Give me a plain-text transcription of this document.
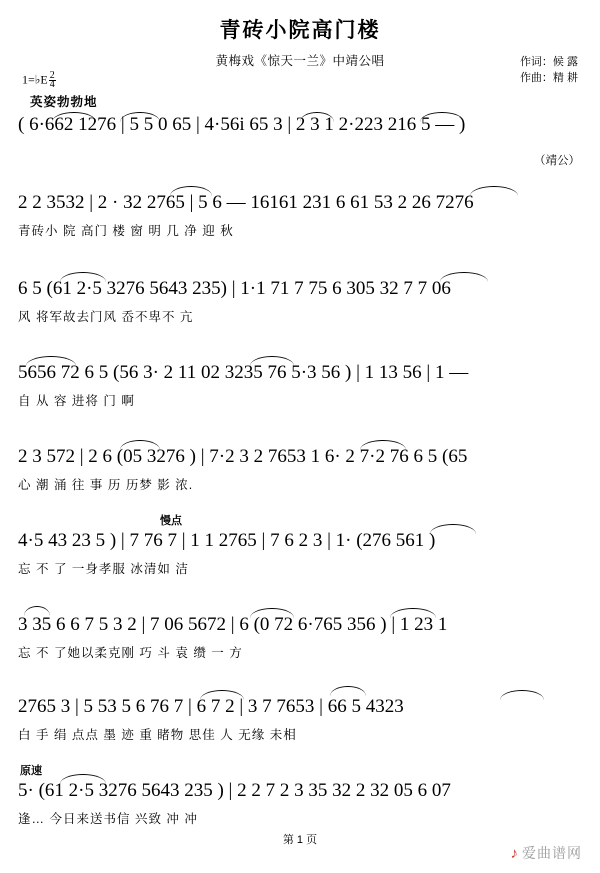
青砖小院高门楼
黄梅戏《惊天一兰》中靖公唱	作词：候 露
作曲：精 耕
1=♭E $\frac{2}{4}$
英姿勃勃地
（靖公）
( 6·662 1276 | 5 5 0 65 | 4·56i 65 3 | 2 3 1 2·223 216 5 — )
2 2 3532 | 2 · 32 2765 | 5 6 — 16161 231 6 61 53 2 26 7276
青砖小 院 高门 楼 窗 明 几 净 迎 秋
6 5 (61 2·5 3276 5643 235) | 1·1 71 7 75 6 305 32 7 7 06
风 将军故去门风 岙不卑不 亢
5656 72 6 5 (56 3· 2 11 02 3235 76 5·3 56 ) | 1 13 56 | 1 —
自 从 容 进将 门 啊
2 3 572 | 2 6 (05 3276 ) | 7·2 3 2 7653 1 6· 2 7·2 76 6 5 (65
心 潮 涌 往 事 历 历梦 影 浓.
慢点
4·5 43 23 5 ) | 7 76 7 | 1 1 2765 | 7 6 2 3 | 1· (276 561 )
忘 不 了 一身孝服 冰清如 洁
3 35 6 6 7 5 3 2 | 7 06 5672 | 6 (0 72 6·765 356 ) | 1 23 1
忘 不 了她以柔克刚 巧 斗 袁 缵 一 方
2765 3 | 5 53 5 6 76 7 | 6 7 2 | 3 7 7653 | 66 5 4323
白 手 绢 点点 墨 迹 重 睹物 思佳 人 无缘 未相
原速
5· (61 2·5 3276 5643 235 ) | 2 2 7 2 3 35 32 2 32 05 6 07
逢… 今日来送书信 兴致 冲 冲
第 1 页
♪ 爱曲谱网
